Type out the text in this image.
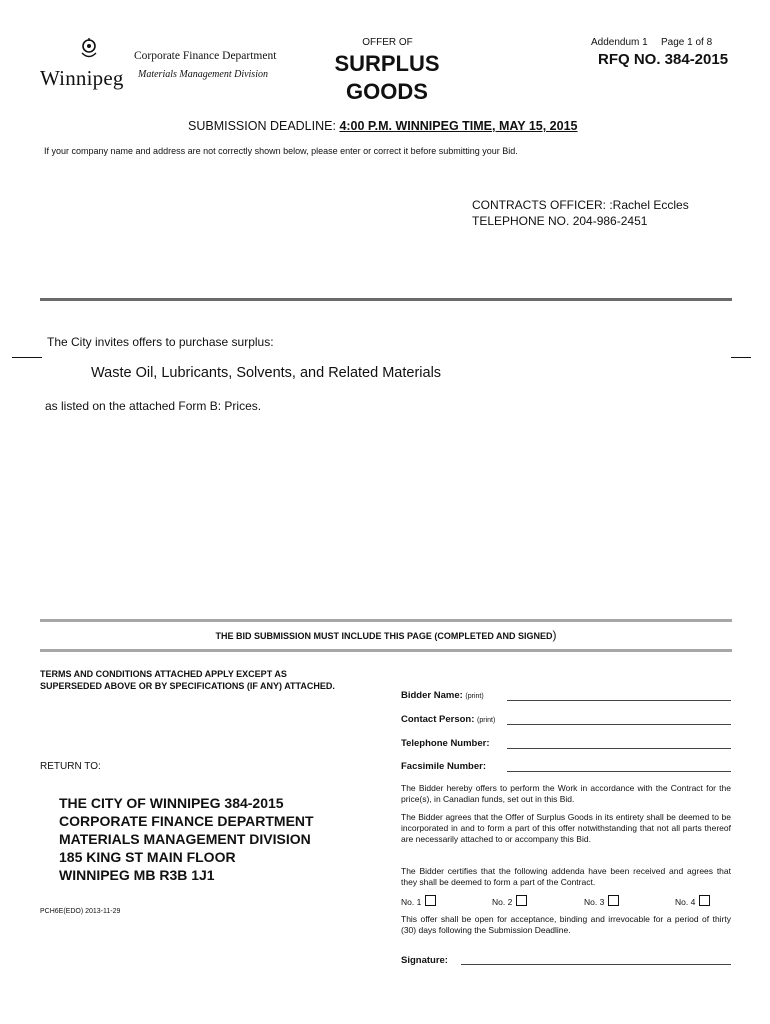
Winnipeg
Corporate Finance Department
Materials Management Division
OFFER OF
SURPLUS
GOODS
Addendum 1 Page 1 of 8
RFQ NO. 384-2015
SUBMISSION DEADLINE: 4:00 P.M. WINNIPEG TIME, MAY 15, 2015
If your company name and address are not correctly shown below, please enter or correct it before submitting your Bid.
CONTRACTS OFFICER: :Rachel Eccles
TELEPHONE NO. 204-986-2451
The City invites offers to purchase surplus:
Waste Oil, Lubricants, Solvents, and Related Materials
as listed on the attached Form B: Prices.
THE BID SUBMISSION MUST INCLUDE THIS PAGE (COMPLETED AND SIGNED)
TERMS AND CONDITIONS ATTACHED APPLY EXCEPT AS
SUPERSEDED ABOVE OR BY SPECIFICATIONS (IF ANY) ATTACHED.
Bidder Name: (print)
Contact Person: (print)
Telephone Number:
Facsimile Number:
RETURN TO:
THE CITY OF WINNIPEG 384-2015
CORPORATE FINANCE DEPARTMENT
MATERIALS MANAGEMENT DIVISION
185 KING ST MAIN FLOOR
WINNIPEG MB R3B 1J1
PCH6E(EDO) 2013-11-29
The Bidder hereby offers to perform the Work in accordance with the Contract for the price(s), in Canadian funds, set out in this Bid.
The Bidder agrees that the Offer of Surplus Goods in its entirety shall be deemed to be incorporated in and to form a part of this offer notwithstanding that not all parts thereof are necessarily attached to or accompany this Bid.
The Bidder certifies that the following addenda have been received and agrees that they shall be deemed to form a part of the Contract.
No. 1	No. 2	No. 3	No. 4
This offer shall be open for acceptance, binding and irrevocable for a period of thirty (30) days following the Submission Deadline.
Signature:
